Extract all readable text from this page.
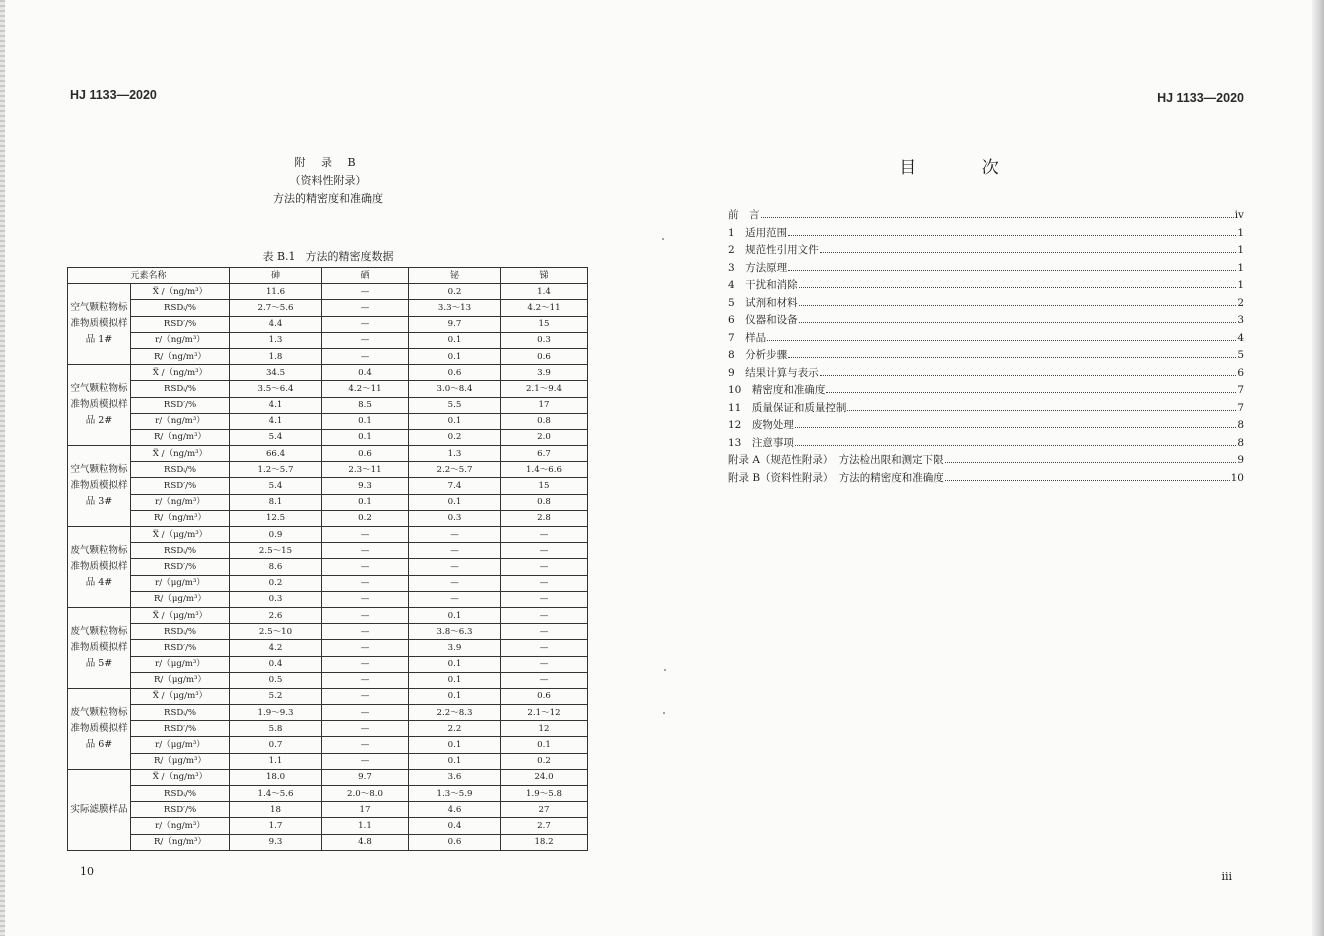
HJ 1133—2020
附 录 B
（资料性附录）
方法的精密度和准确度
表 B.1 方法的精密度数据
元素名称		砷	硒	铋	锑
空气颗粒物标准物质模拟样品 1#	X̿ /（ng/m³）	11.6	—	0.2	1.4
	RSDᵢ/%	2.7～5.6	—	3.3～13	4.2～11
	RSD′/%	4.4	—	9.7	15
	r/（ng/m³）	1.3	—	0.1	0.3
	R/（ng/m³）	1.8	—	0.1	0.6
空气颗粒物标准物质模拟样品 2#	X̿ /（ng/m³）	34.5	0.4	0.6	3.9
	RSDᵢ/%	3.5～6.4	4.2～11	3.0～8.4	2.1～9.4
	RSD′/%	4.1	8.5	5.5	17
	r/（ng/m³）	4.1	0.1	0.1	0.8
	R/（ng/m³）	5.4	0.1	0.2	2.0
空气颗粒物标准物质模拟样品 3#	X̿ /（ng/m³）	66.4	0.6	1.3	6.7
	RSDᵢ/%	1.2～5.7	2.3～11	2.2～5.7	1.4～6.6
	RSD′/%	5.4	9.3	7.4	15
	r/（ng/m³）	8.1	0.1	0.1	0.8
	R/（ng/m³）	12.5	0.2	0.3	2.8
废气颗粒物标准物质模拟样品 4#	X̿ /（μg/m³）	0.9	—	—	—
	RSDᵢ/%	2.5～15	—	—	—
	RSD′/%	8.6	—	—	—
	r/（μg/m³）	0.2	—	—	—
	R/（μg/m³）	0.3	—	—	—
废气颗粒物标准物质模拟样品 5#	X̿ /（μg/m³）	2.6	—	0.1	—
	RSDᵢ/%	2.5～10	—	3.8～6.3	—
	RSD′/%	4.2	—	3.9	—
	r/（μg/m³）	0.4	—	0.1	—
	R/（μg/m³）	0.5	—	0.1	—
废气颗粒物标准物质模拟样品 6#	X̿ /（μg/m³）	5.2	—	0.1	0.6
	RSDᵢ/%	1.9～9.3	—	2.2～8.3	2.1～12
	RSD′/%	5.8	—	2.2	12
	r/（μg/m³）	0.7	—	0.1	0.1
	R/（μg/m³）	1.1	—	0.1	0.2
实际滤膜样品	X̿ /（ng/m³）	18.0	9.7	3.6	24.0
	RSDᵢ/%	1.4～5.6	2.0～8.0	1.3～5.9	1.9～5.8
	RSD′/%	18	17	4.6	27
	r/（ng/m³）	1.7	1.1	0.4	2.7
	R/（ng/m³）	9.3	4.8	0.6	18.2
10
HJ 1133—2020
目 次
前　言	iv
1　适用范围	1
2　规范性引用文件	1
3　方法原理	1
4　干扰和消除	1
5　试剂和材料	2
6　仪器和设备	3
7　样品	4
8　分析步骤	5
9　结果计算与表示	6
10　精密度和准确度	7
11　质量保证和质量控制	7
12　废物处理	8
13　注意事项	8
附录 A（规范性附录）　方法检出限和测定下限	9
附录 B（资料性附录）　方法的精密度和准确度	10
iii
